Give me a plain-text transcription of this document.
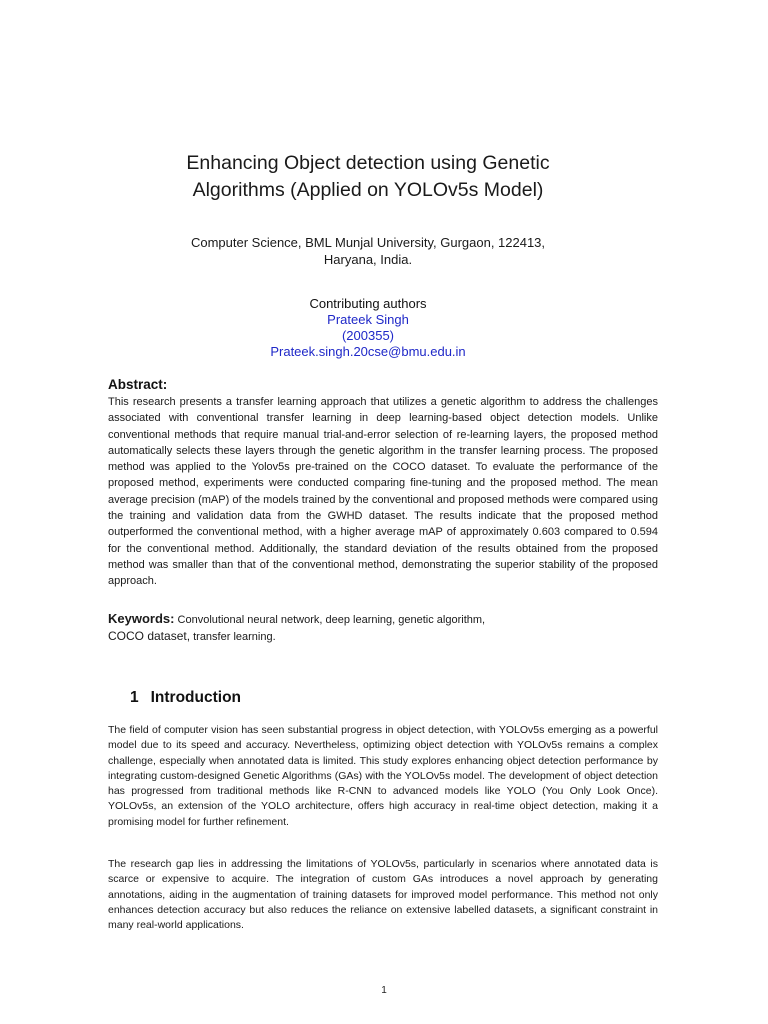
Enhancing Object detection using Genetic
Algorithms (Applied on YOLOv5s Model)
Computer Science, BML Munjal University, Gurgaon, 122413,
Haryana, India.
Contributing authors
Prateek Singh
(200355)
Prateek.singh.20cse@bmu.edu.in
Abstract:
This research presents a transfer learning approach that utilizes a genetic algorithm to address the challenges associated with conventional transfer learning in deep learning-based object detection models. Unlike conventional methods that require manual trial-and-error selection of re-learning layers, the proposed method automatically selects these layers through the genetic algorithm in the transfer learning process. The proposed method was applied to the Yolov5s pre-trained on the COCO dataset. To evaluate the performance of the proposed method, experiments were conducted comparing fine-tuning and the proposed method. The mean average precision (mAP) of the models trained by the conventional and proposed methods were compared using the training and validation data from the GWHD dataset. The results indicate that the proposed method outperformed the conventional method, with a higher average mAP of approximately 0.603 compared to 0.594 for the conventional method. Additionally, the standard deviation of the results obtained from the proposed method was smaller than that of the conventional method, demonstrating the superior stability of the proposed approach.
Keywords: Convolutional neural network, deep learning, genetic algorithm,
COCO dataset, transfer learning.
1 Introduction
The field of computer vision has seen substantial progress in object detection, with YOLOv5s emerging as a powerful model due to its speed and accuracy. Nevertheless, optimizing object detection with YOLOv5s remains a complex challenge, especially when annotated data is limited. This study explores enhancing object detection performance by integrating custom-designed Genetic Algorithms (GAs) with the YOLOv5s model. The development of object detection has progressed from traditional methods like R-CNN to advanced models like YOLO (You Only Look Once). YOLOv5s, an extension of the YOLO architecture, offers high accuracy in real-time object detection, making it a promising model for further refinement.
The research gap lies in addressing the limitations of YOLOv5s, particularly in scenarios where annotated data is scarce or expensive to acquire. The integration of custom GAs introduces a novel approach by generating annotations, aiding in the augmentation of training datasets for improved model performance. This method not only enhances detection accuracy but also reduces the reliance on extensive labelled datasets, a significant constraint in many real-world applications.
1
